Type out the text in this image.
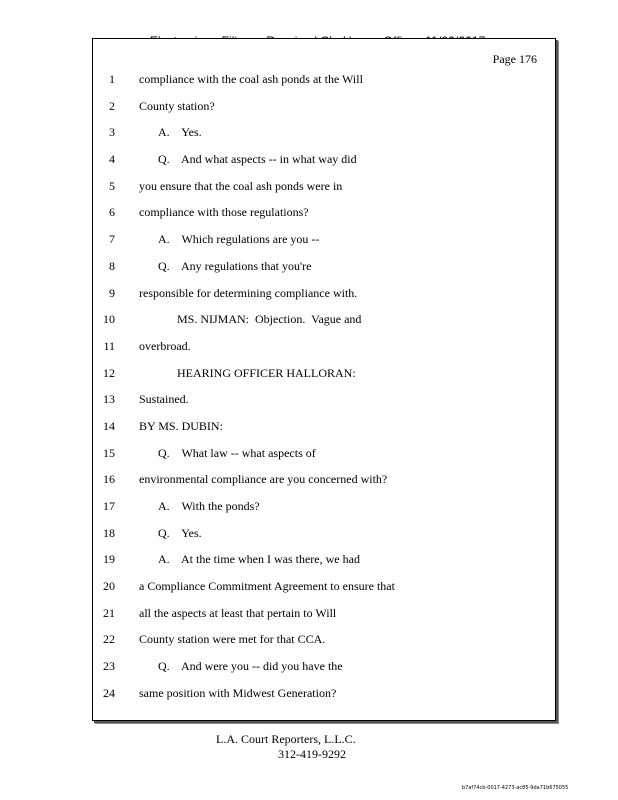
Page 176
1 compliance with the coal ash ponds at the Will
2 County station?
3	A.    Yes.
4	Q.    And what aspects -- in what way did
5 you ensure that the coal ash ponds were in
6 compliance with those regulations?
7	A.    Which regulations are you --
8	Q.    Any regulations that you're
9 responsible for determining compliance with.
10	MS. NIJMAN:  Objection.  Vague and
11 overbroad.
12	HEARING OFFICER HALLORAN:
13 Sustained.
14 BY MS. DUBIN:
15	Q.    What law -- what aspects of
16 environmental compliance are you concerned with?
17	A.    With the ponds?
18	Q.    Yes.
19	A.    At the time when I was there, we had
20 a Compliance Commitment Agreement to ensure that
21 all the aspects at least that pertain to Will
22 County station were met for that CCA.
23	Q.    And were you -- did you have the
24 same position with Midwest Generation?
L.A. Court Reporters, L.L.C.
312-419-9292
b7af74cb-0017-4273-ac85-9da71b675055
